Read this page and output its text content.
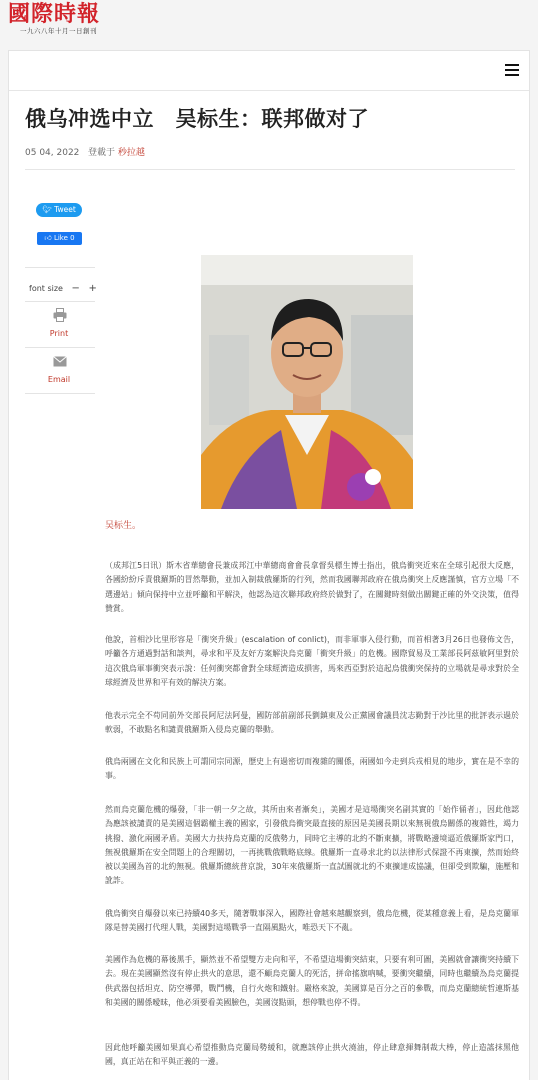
國際時報
一九六八年十月一日創刊
俄乌冲选中立　吴标生：联邦做对了
05 04, 2022 登載于 秒拉越
🐦︎ Tweet
👍︎ Like 0
font size − +
Print
Email
吴标生。

（成邦江5日讯）斯木省華總會長兼成邦江中華總商會會長拿督吳標生博士指出，俄烏衝突近來在全球引起很大反應，各國紛紛斥責俄羅斯的冒然舉動，並加入制裁俄羅斯的行列，然而我國聯邦政府在俄烏衝突上反應謹慎，官方立場「不選邊站」傾向保持中立並呼籲和平解決，他認為這次聯邦政府終於做對了，在關鍵時刻做出關鍵正確的外交決策，值得贊賞。

他說，首相沙比里形容是「衝突升級」(escalation of conlict)，而非軍事入侵行動，而首相著3月26日也發佈文告，呼籲各方通過對話和談判，尋求和平及友好方案解決烏克蘭「衝突升級」的危機。國際貿易及工業部長阿茲敏阿里對於這次俄烏軍事衝突表示說：任何衝突都會對全球經濟造成損害，馬來西亞對於這起烏俄衝突保持的立場就是尋求對於全球經濟及世界和平有效的解決方案。

他表示完全不苟同前外交部長阿尼法阿曼，國防部前副部長劉鎮東及公正黨國會議員沈志勤對于沙比里的批評表示過於軟弱，不敢點名和譴責俄羅斯入侵烏克蘭的舉動。

俄烏兩國在文化和民族上可謂同宗同源，歷史上有過密切而複雜的關係，兩國如今走到兵戎相見的地步，實在是不幸的事。

然而烏克蘭危機的爆發，「非一朝一夕之故，其所由來者漸矣」，美國才是這場衝突名副其實的「始作俑者」，因此他認為應該被譴責的是美國這個霸權主義的國家，引發俄烏衝突最直接的原因是美國長期以來無視俄烏關係的複雜性，竭力挑撥、激化兩國矛盾。美國大力扶持烏克蘭的反俄勢力，同時它主導的北約不斷東擴，將戰略邊境逼近俄羅斯家門口，無視俄羅斯在安全問題上的合理關切，一再挑戰俄戰略底線。俄羅斯一直尋求北約以法律形式保證不再東擴，然而始終被以美國為首的北約無視。俄羅斯總統普京說，30年來俄羅斯一直試圖就北約不東擴達成協議，但卻受到欺騙，施壓和訛詐。

俄烏衝突自爆發以來已持續40多天，隨著戰事深入，國際社會越來越觀察到，俄烏危機，從某種意義上看，是烏克蘭軍隊是替美國打代理人戰，美國對這場戰爭一直隔風點火，唯恐天下不亂。

美國作為危機的幕後黑手，顯然並不希望雙方走向和平，不希望這場衝突結束，只要有利可圖，美國就會讓衝突持續下去。現在美國顯然沒有停止拱火的意思，還不顧烏克蘭人的死活，拼命搖旗吶喊，要衝突繼續，同時也繼續為烏克蘭提供武器包括坦克、防空導彈，戰鬥機，自行火炮和鐵射。嚴格來說，美國算是百分之百的參戰，而烏克蘭總統哲連斯基和美國的關係曖昧，他必須要看美國臉色，美國沒點頭，想停戰也停不得。

因此他呼籲美國如果真心希望推動烏克蘭局勢緩和，就應該停止拱火澆油，停止肆意揮舞制裁大棒，停止造謠抹黑他國，真正站在和平與正義的一邊。
